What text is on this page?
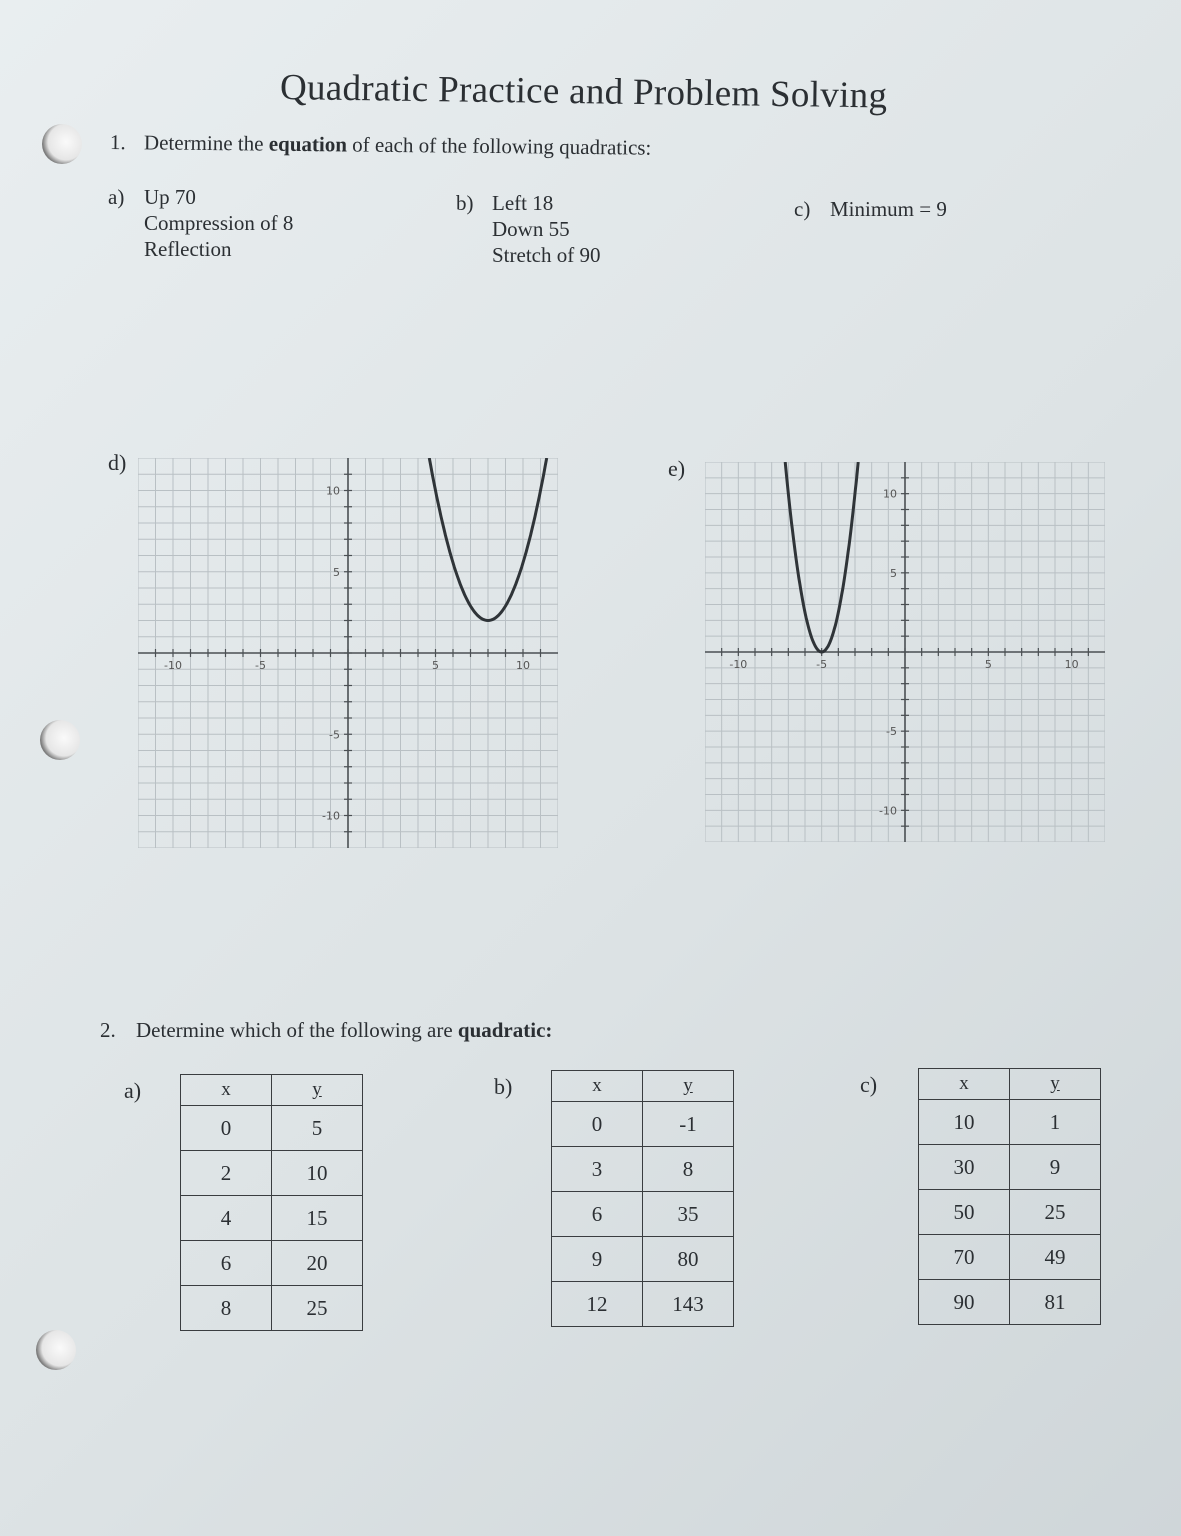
Quadratic Practice and Problem Solving
1. Determine the equation of each of the following quadratics:
a) Up 70
Compression of 8
Reflection
b) Left 18
Down 55
Stretch of 90
c) Minimum = 9
d)
-10	-5	5	10
10
5
-5
-10
e)
-10	-5	5	10
10
5
-5
-10
2. Determine which of the following are quadratic:
a)	x	y
0	5
2	10
4	15
6	20
8	25
b)	x	y
0	-1
3	8
6	35
9	80
12	143
c)	x	y
10	1
30	9
50	25
70	49
90	81
